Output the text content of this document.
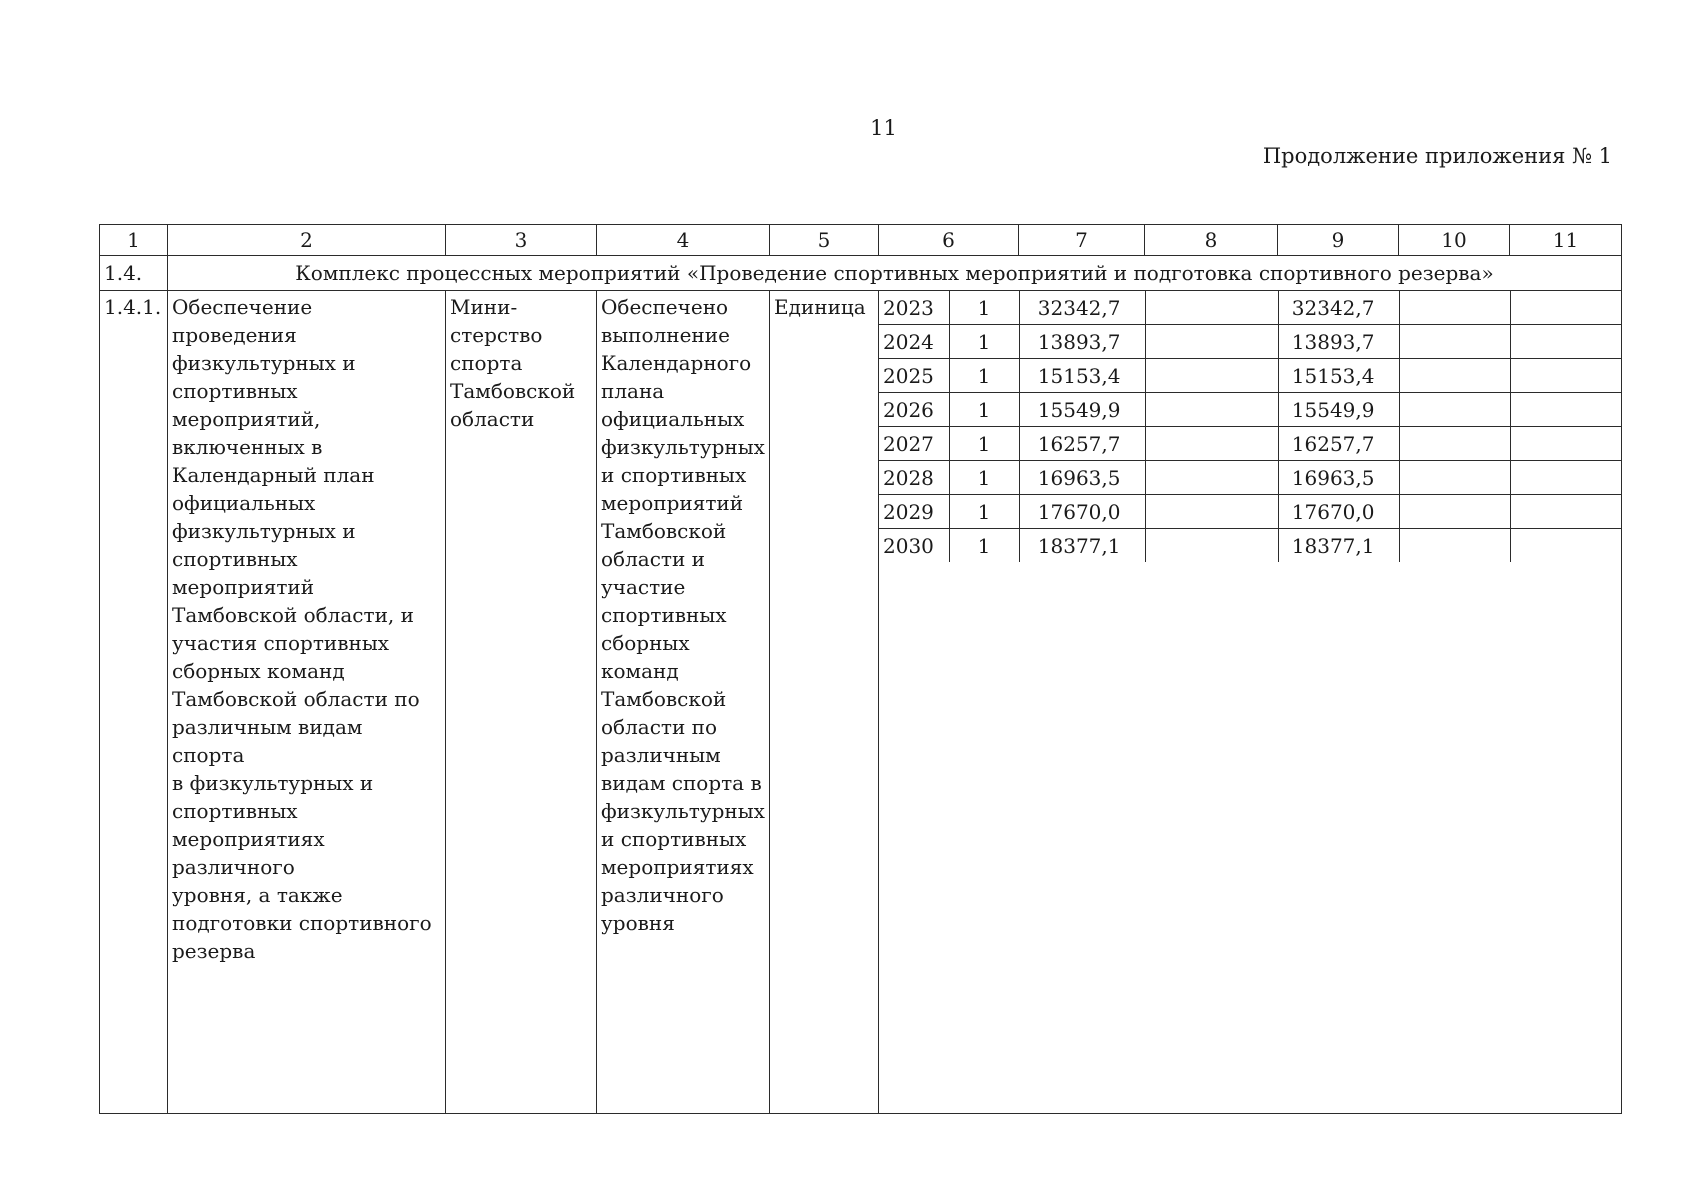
11
Продолжение приложения № 1
1	2	3	4	5	6	7	8	9	10	11
1.4.	Комплекс процессных мероприятий «Проведение спортивных мероприятий и подготовка спортивного резерва»
1.4.1.	Обеспечение проведения
физкультурных и
спортивных мероприятий,
включенных в
Календарный план
официальных
физкультурных и
спортивных мероприятий
Тамбовской области, и
участия спортивных
сборных команд
Тамбовской области по
различным видам спорта
в физкультурных и
спортивных
мероприятиях различного
уровня, а также
подготовки спортивного
резерва	Мини-
стерство
спорта
Тамбовской
области	Обеспечено
выполнение
Календарного
плана
официальных
физкультурных
и спортивных
мероприятий
Тамбовской
области и
участие
спортивных
сборных команд
Тамбовской
области по
различным
видам спорта в
физкультурных
и спортивных
мероприятиях
различного
уровня	Единица	2023	1	32342,7		32342,7		
2024	1	13893,7		13893,7		
2025	1	15153,4		15153,4		
2026	1	15549,9		15549,9		
2027	1	16257,7		16257,7		
2028	1	16963,5		16963,5		
2029	1	17670,0		17670,0		
2030	1	18377,1		18377,1		
